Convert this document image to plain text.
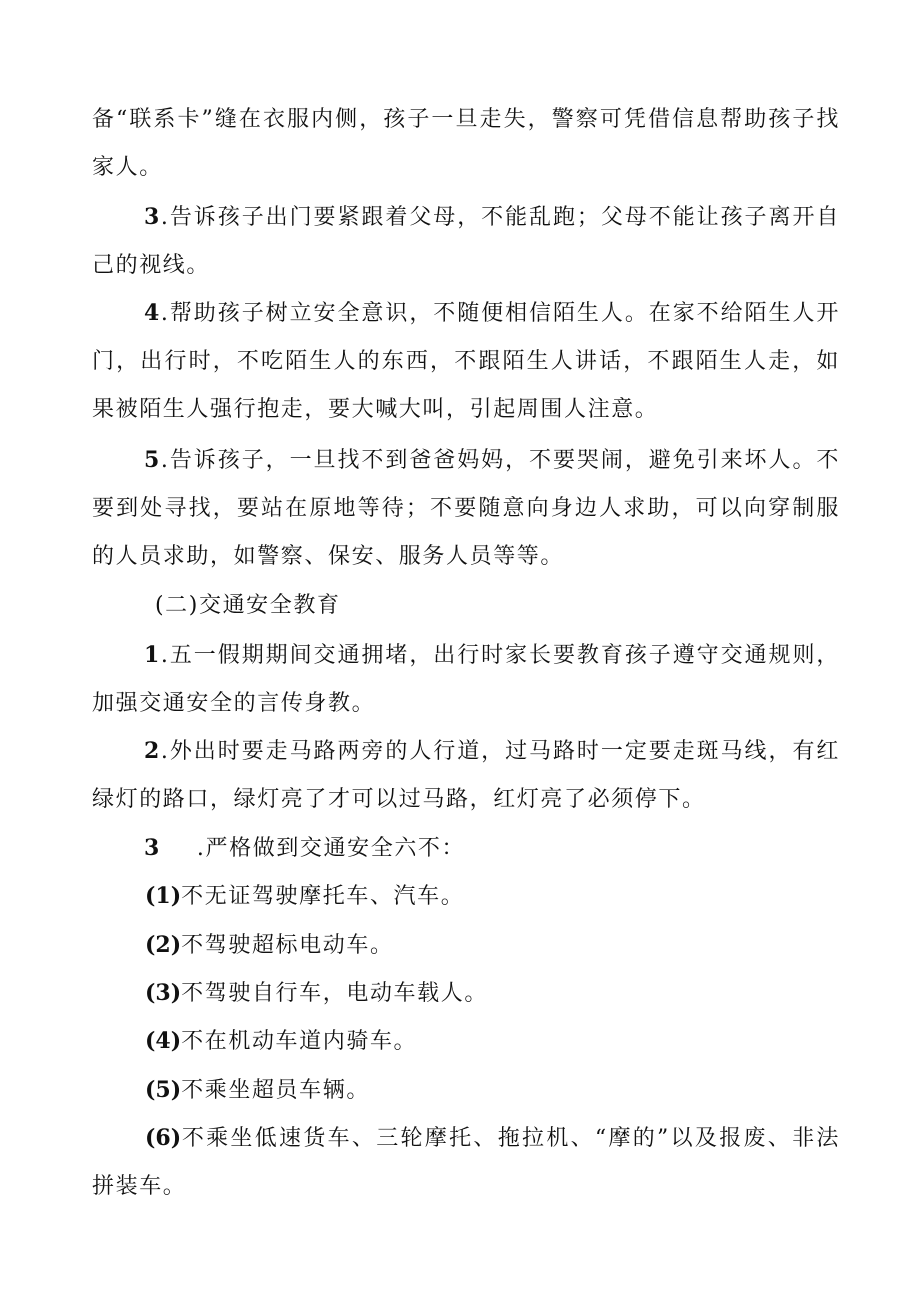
备“联系卡”缝在衣服内侧，孩子一旦走失，警察可凭借信息帮助孩子找家人。

3.告诉孩子出门要紧跟着父母，不能乱跑；父母不能让孩子离开自己的视线。

4.帮助孩子树立安全意识，不随便相信陌生人。在家不给陌生人开门，出行时，不吃陌生人的东西，不跟陌生人讲话，不跟陌生人走，如果被陌生人强行抱走，要大喊大叫，引起周围人注意。

5.告诉孩子，一旦找不到爸爸妈妈，不要哭闹，避免引来坏人。不要到处寻找，要站在原地等待；不要随意向身边人求助，可以向穿制服的人员求助，如警察、保安、服务人员等等。

(二)交通安全教育

1.五一假期期间交通拥堵，出行时家长要教育孩子遵守交通规则，加强交通安全的言传身教。

2.外出时要走马路两旁的人行道，过马路时一定要走斑马线，有红绿灯的路口，绿灯亮了才可以过马路，红灯亮了必须停下。

3 .严格做到交通安全六不：

(1)不无证驾驶摩托车、汽车。

(2)不驾驶超标电动车。

(3)不驾驶自行车，电动车载人。

(4)不在机动车道内骑车。

(5)不乘坐超员车辆。

(6)不乘坐低速货车、三轮摩托、拖拉机、“摩的”以及报废、非法拼装车。
